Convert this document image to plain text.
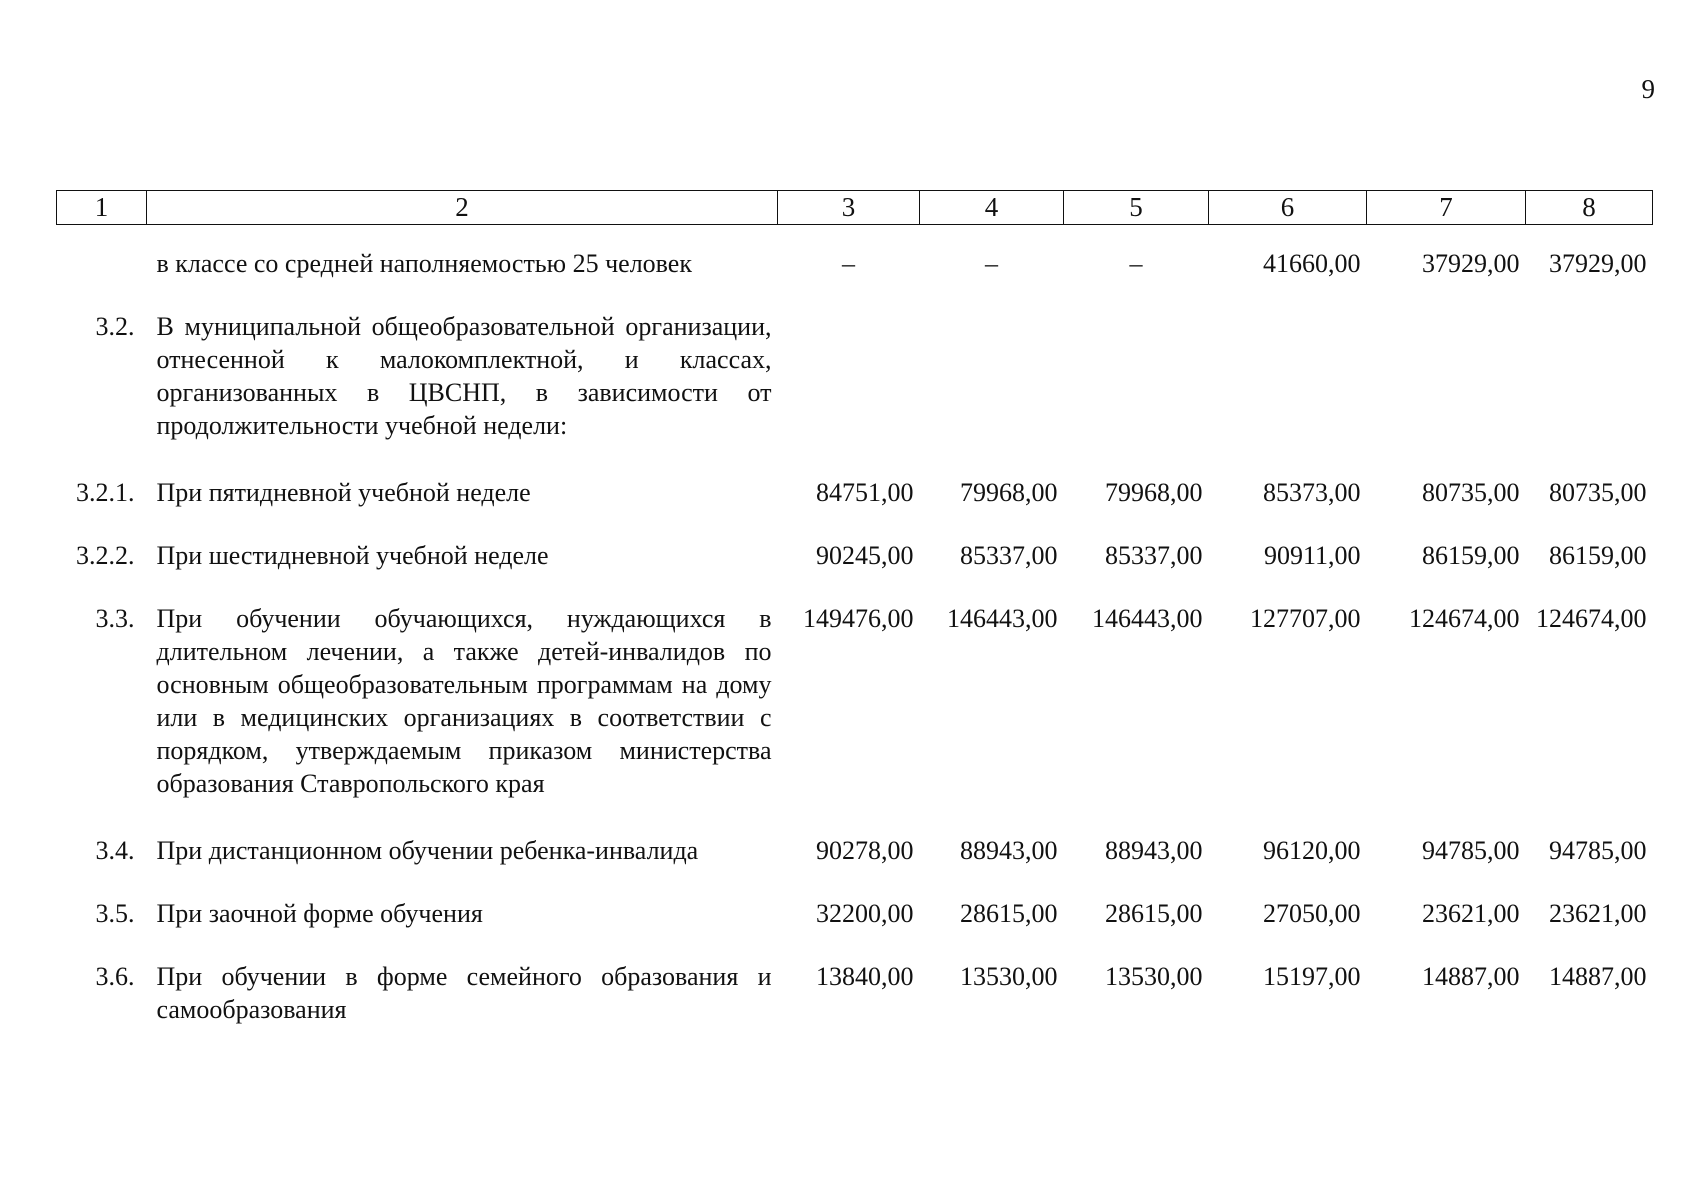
9
1	2	3	4	5	6	7	8
	в классе со средней наполняемостью 25 человек	–	–	–	41660,00	37929,00	37929,00
3.2.	В муниципальной общеобразовательной организации, отнесенной к малокомплектной, и классах, организованных в ЦВСНП, в зависимости от продолжительности учебной недели:						
3.2.1.	При пятидневной учебной неделе	84751,00	79968,00	79968,00	85373,00	80735,00	80735,00
3.2.2.	При шестидневной учебной неделе	90245,00	85337,00	85337,00	90911,00	86159,00	86159,00
3.3.	При обучении обучающихся, нуждающихся в длительном лечении, а также детей-инвалидов по основным общеобразовательным программам на дому или в медицинских организациях в соответствии с порядком, утверждаемым приказом министерства образования Ставропольского края	149476,00	146443,00	146443,00	127707,00	124674,00	124674,00
3.4.	При дистанционном обучении ребенка-инвалида	90278,00	88943,00	88943,00	96120,00	94785,00	94785,00
3.5.	При заочной форме обучения	32200,00	28615,00	28615,00	27050,00	23621,00	23621,00
3.6.	При обучении в форме семейного образования и самообразования	13840,00	13530,00	13530,00	15197,00	14887,00	14887,00
